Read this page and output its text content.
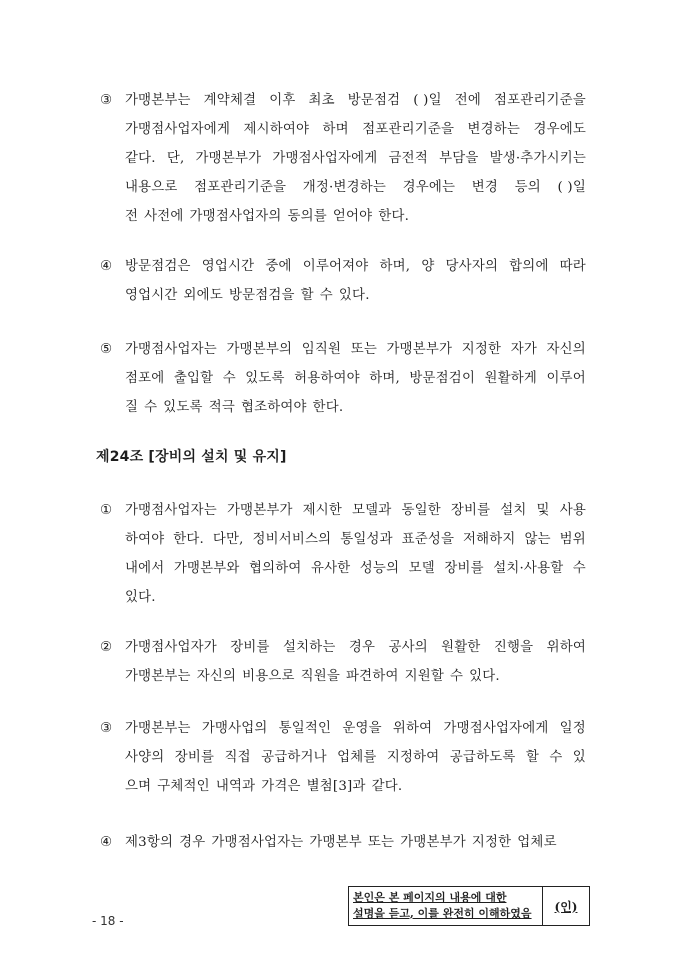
③ 가맹본부는 계약체결 이후 최초 방문점검 ( )일 전에 점포관리기준을
가맹점사업자에게 제시하여야 하며 점포관리기준을 변경하는 경우에도
같다. 단, 가맹본부가 가맹점사업자에게 금전적 부담을 발생·추가시키는
내용으로 점포관리기준을 개정·변경하는 경우에는 변경 등의 ( )일
전 사전에 가맹점사업자의 동의를 얻어야 한다.
④ 방문점검은 영업시간 중에 이루어져야 하며, 양 당사자의 합의에 따라
영업시간 외에도 방문점검을 할 수 있다.
⑤ 가맹점사업자는 가맹본부의 임직원 또는 가맹본부가 지정한 자가 자신의
점포에 출입할 수 있도록 허용하여야 하며, 방문점검이 원활하게 이루어
질 수 있도록 적극 협조하여야 한다.
제24조 [장비의 설치 및 유지]
① 가맹점사업자는 가맹본부가 제시한 모델과 동일한 장비를 설치 및 사용
하여야 한다. 다만, 정비서비스의 통일성과 표준성을 저해하지 않는 범위
내에서 가맹본부와 협의하여 유사한 성능의 모델 장비를 설치·사용할 수
있다.
② 가맹점사업자가 장비를 설치하는 경우 공사의 원활한 진행을 위하여
가맹본부는 자신의 비용으로 직원을 파견하여 지원할 수 있다.
③ 가맹본부는 가맹사업의 통일적인 운영을 위하여 가맹점사업자에게 일정
사양의 장비를 직접 공급하거나 업체를 지정하여 공급하도록 할 수 있
으며 구체적인 내역과 가격은 별첨[3]과 같다.
④ 제3항의 경우 가맹점사업자는 가맹본부 또는 가맹본부가 지정한 업체로
- 18 -
본인은 본 페이지의 내용에 대한
설명을 듣고, 이를 완전히 이해하였음	(인)
